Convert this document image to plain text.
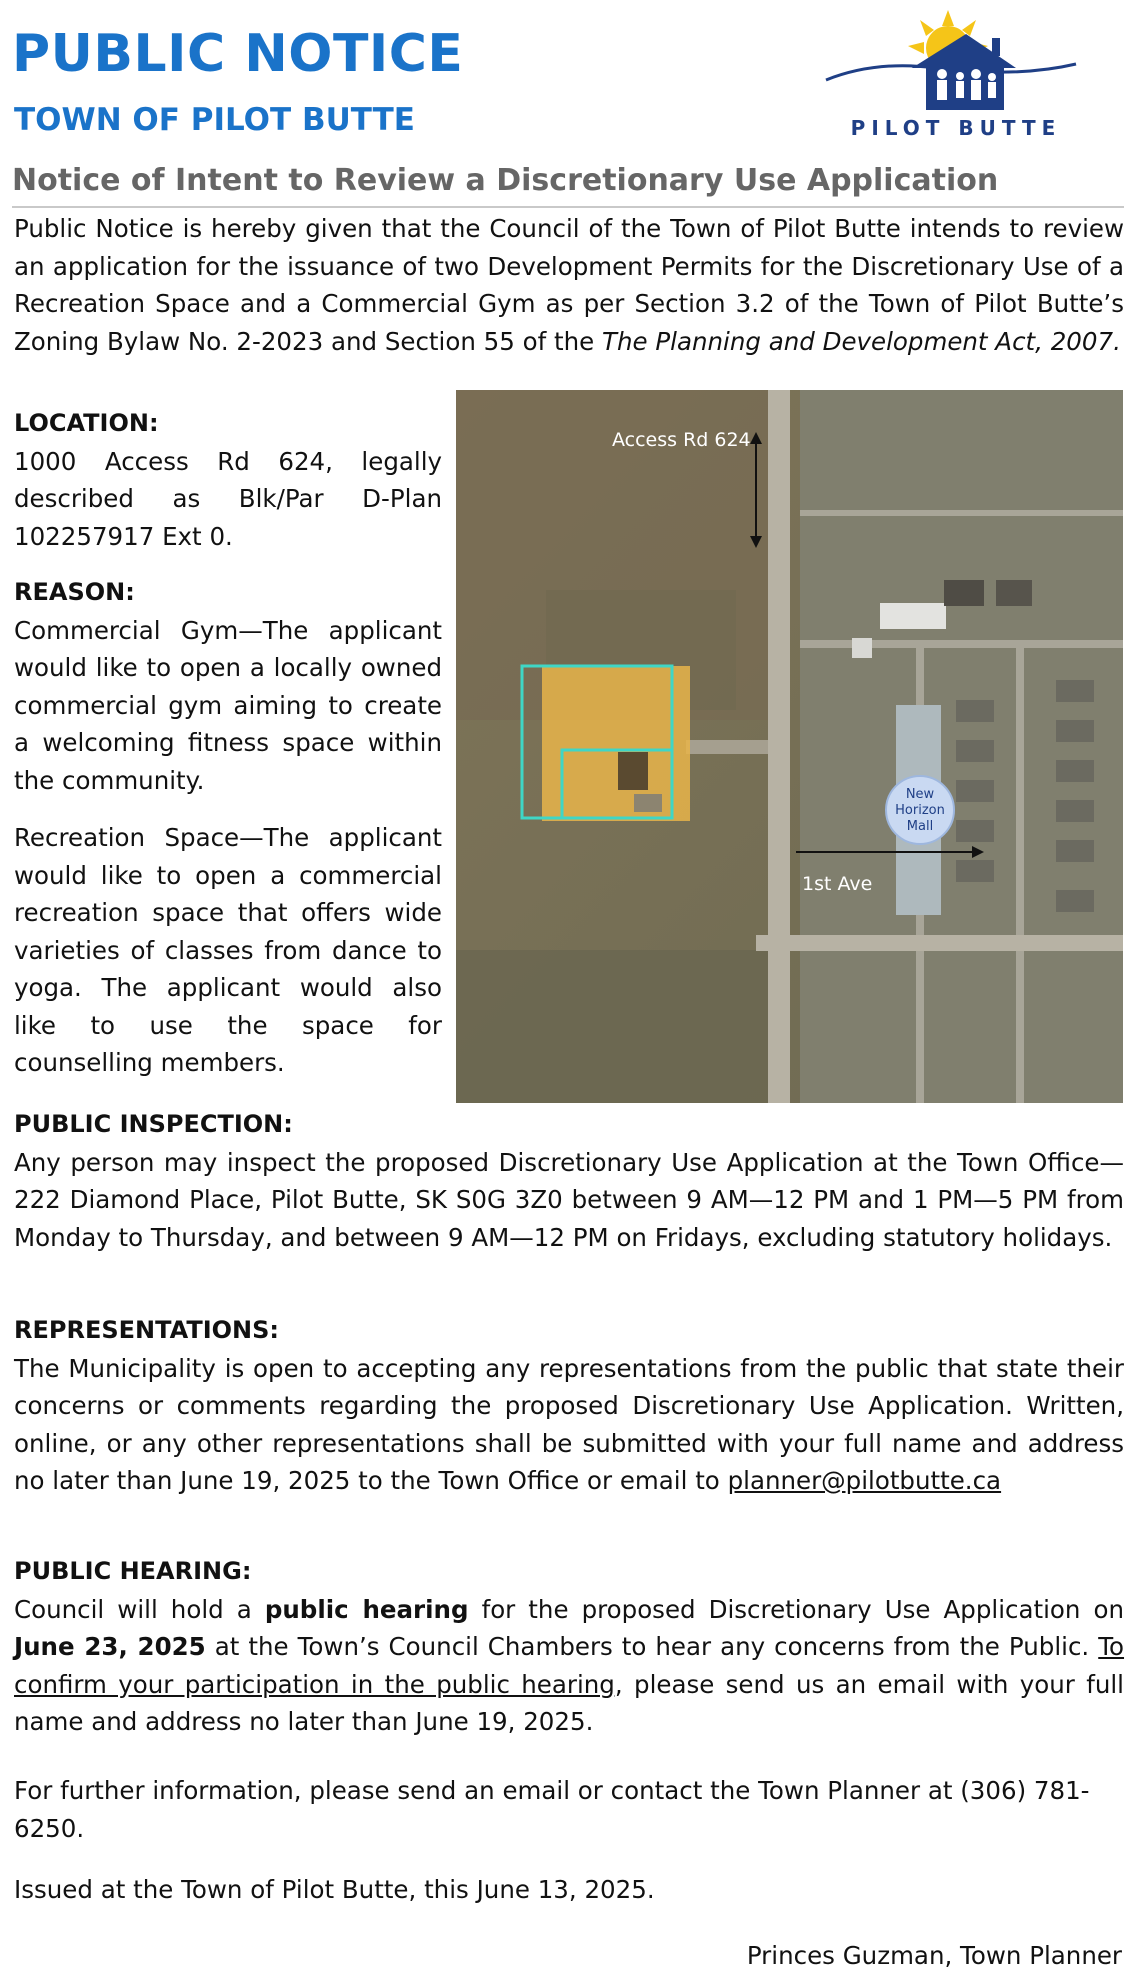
PUBLIC NOTICE
TOWN OF PILOT BUTTE	PILOT BUTTE
Notice of Intent to Review a Discretionary Use Application

Public Notice is hereby given that the Council of the Town of Pilot Butte intends to review an application for the issuance of two Development Permits for the Discretionary Use of a Recreation Space and a Commercial Gym as per Section 3.2 of the Town of Pilot Butte’s Zoning Bylaw No. 2-2023 and Section 55 of the The Planning and Development Act, 2007.

LOCATION:
1000 Access Rd 624, legally described as Blk/Par D-Plan 102257917 Ext 0.

REASON:
Commercial Gym—The applicant would like to open a locally owned commercial gym aiming to create a welcoming fitness space within the community.

Recreation Space—The applicant would like to open a commercial recreation space that offers wide varieties of classes from dance to yoga. The applicant would also like to use the space for counselling members.

New
Horizon
Mall
Access Rd 624
1st Ave

PUBLIC INSPECTION:
Any person may inspect the proposed Discretionary Use Application at the Town Office—222 Diamond Place, Pilot Butte, SK S0G 3Z0 between 9 AM—12 PM and 1 PM—5 PM from Monday to Thursday, and between 9 AM—12 PM on Fridays, excluding statutory holidays.

REPRESENTATIONS:
The Municipality is open to accepting any representations from the public that state their concerns or comments regarding the proposed Discretionary Use Application. Written, online, or any other representations shall be submitted with your full name and address no later than June 19, 2025 to the Town Office or email to planner@pilotbutte.ca

PUBLIC HEARING:
Council will hold a public hearing for the proposed Discretionary Use Application on June 23, 2025 at the Town’s Council Chambers to hear any concerns from the Public. To confirm your participation in the public hearing, please send us an email with your full name and address no later than June 19, 2025.

For further information, please send an email or contact the Town Planner at (306) 781-6250.

Issued at the Town of Pilot Butte, this June 13, 2025.

Princes Guzman, Town Planner
